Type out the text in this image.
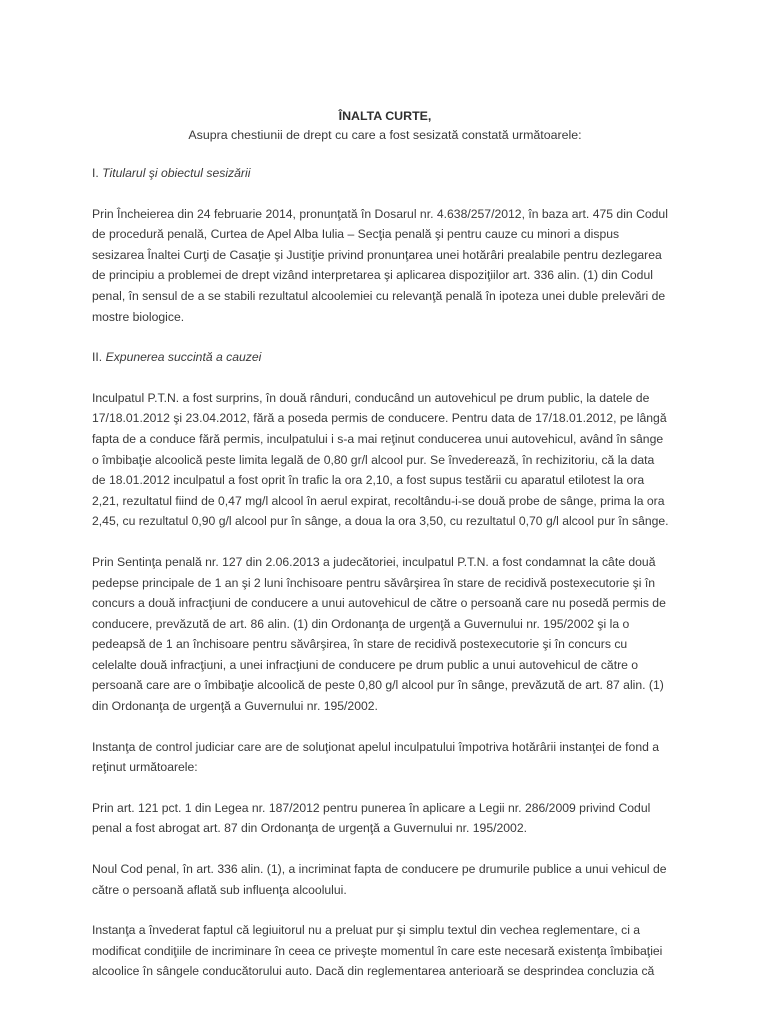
ÎNALTA CURTE,
Asupra chestiunii de drept cu care a fost sesizată constată următoarele:
I. Titularul şi obiectul sesizării

Prin Încheierea din 24 februarie 2014, pronunţată în Dosarul nr. 4.638/257/2012, în baza art. 475 din Codul
de procedură penală, Curtea de Apel Alba Iulia – Secţia penală şi pentru cauze cu minori a dispus
sesizarea Înaltei Curţi de Casaţie şi Justiţie privind pronunţarea unei hotărâri prealabile pentru dezlegarea
de principiu a problemei de drept vizând interpretarea şi aplicarea dispoziţiilor art. 336 alin. (1) din Codul
penal, în sensul de a se stabili rezultatul alcoolemiei cu relevanţă penală în ipoteza unei duble prelevări de
mostre biologice.

II. Expunerea succintă a cauzei

Inculpatul P.T.N. a fost surprins, în două rânduri, conducând un autovehicul pe drum public, la datele de
17/18.01.2012 şi 23.04.2012, fără a poseda permis de conducere. Pentru data de 17/18.01.2012, pe lângă
fapta de a conduce fără permis, inculpatului i s-a mai reţinut conducerea unui autovehicul, având în sânge
o îmbibaţie alcoolică peste limita legală de 0,80 gr/l alcool pur. Se învederează, în rechizitoriu, că la data
de 18.01.2012 inculpatul a fost oprit în trafic la ora 2,10, a fost supus testării cu aparatul etilotest la ora
2,21, rezultatul fiind de 0,47 mg/l alcool în aerul expirat, recoltându-i-se două probe de sânge, prima la ora
2,45, cu rezultatul 0,90 g/l alcool pur în sânge, a doua la ora 3,50, cu rezultatul 0,70 g/l alcool pur în sânge.

Prin Sentinţa penală nr. 127 din 2.06.2013 a judecătoriei, inculpatul P.T.N. a fost condamnat la câte două
pedepse principale de 1 an şi 2 luni închisoare pentru săvârşirea în stare de recidivă postexecutorie şi în
concurs a două infracţiuni de conducere a unui autovehicul de către o persoană care nu posedă permis de
conducere, prevăzută de art. 86 alin. (1) din Ordonanţa de urgenţă a Guvernului nr. 195/2002 şi la o
pedeapsă de 1 an închisoare pentru săvârşirea, în stare de recidivă postexecutorie şi în concurs cu
celelalte două infracţiuni, a unei infracţiuni de conducere pe drum public a unui autovehicul de către o
persoană care are o îmbibaţie alcoolică de peste 0,80 g/l alcool pur în sânge, prevăzută de art. 87 alin. (1)
din Ordonanţa de urgenţă a Guvernului nr. 195/2002.

Instanţa de control judiciar care are de soluţionat apelul inculpatului împotriva hotărârii instanţei de fond a
reţinut următoarele:

Prin art. 121 pct. 1 din Legea nr. 187/2012 pentru punerea în aplicare a Legii nr. 286/2009 privind Codul
penal a fost abrogat art. 87 din Ordonanţa de urgenţă a Guvernului nr. 195/2002.

Noul Cod penal, în art. 336 alin. (1), a incriminat fapta de conducere pe drumurile publice a unui vehicul de
către o persoană aflată sub influenţa alcoolului.

Instanţa a învederat faptul că legiuitorul nu a preluat pur şi simplu textul din vechea reglementare, ci a
modificat condiţiile de incriminare în ceea ce priveşte momentul în care este necesară existenţa îmbibaţiei
alcoolice în sângele conducătorului auto. Dacă din reglementarea anterioară se desprindea concluzia că
